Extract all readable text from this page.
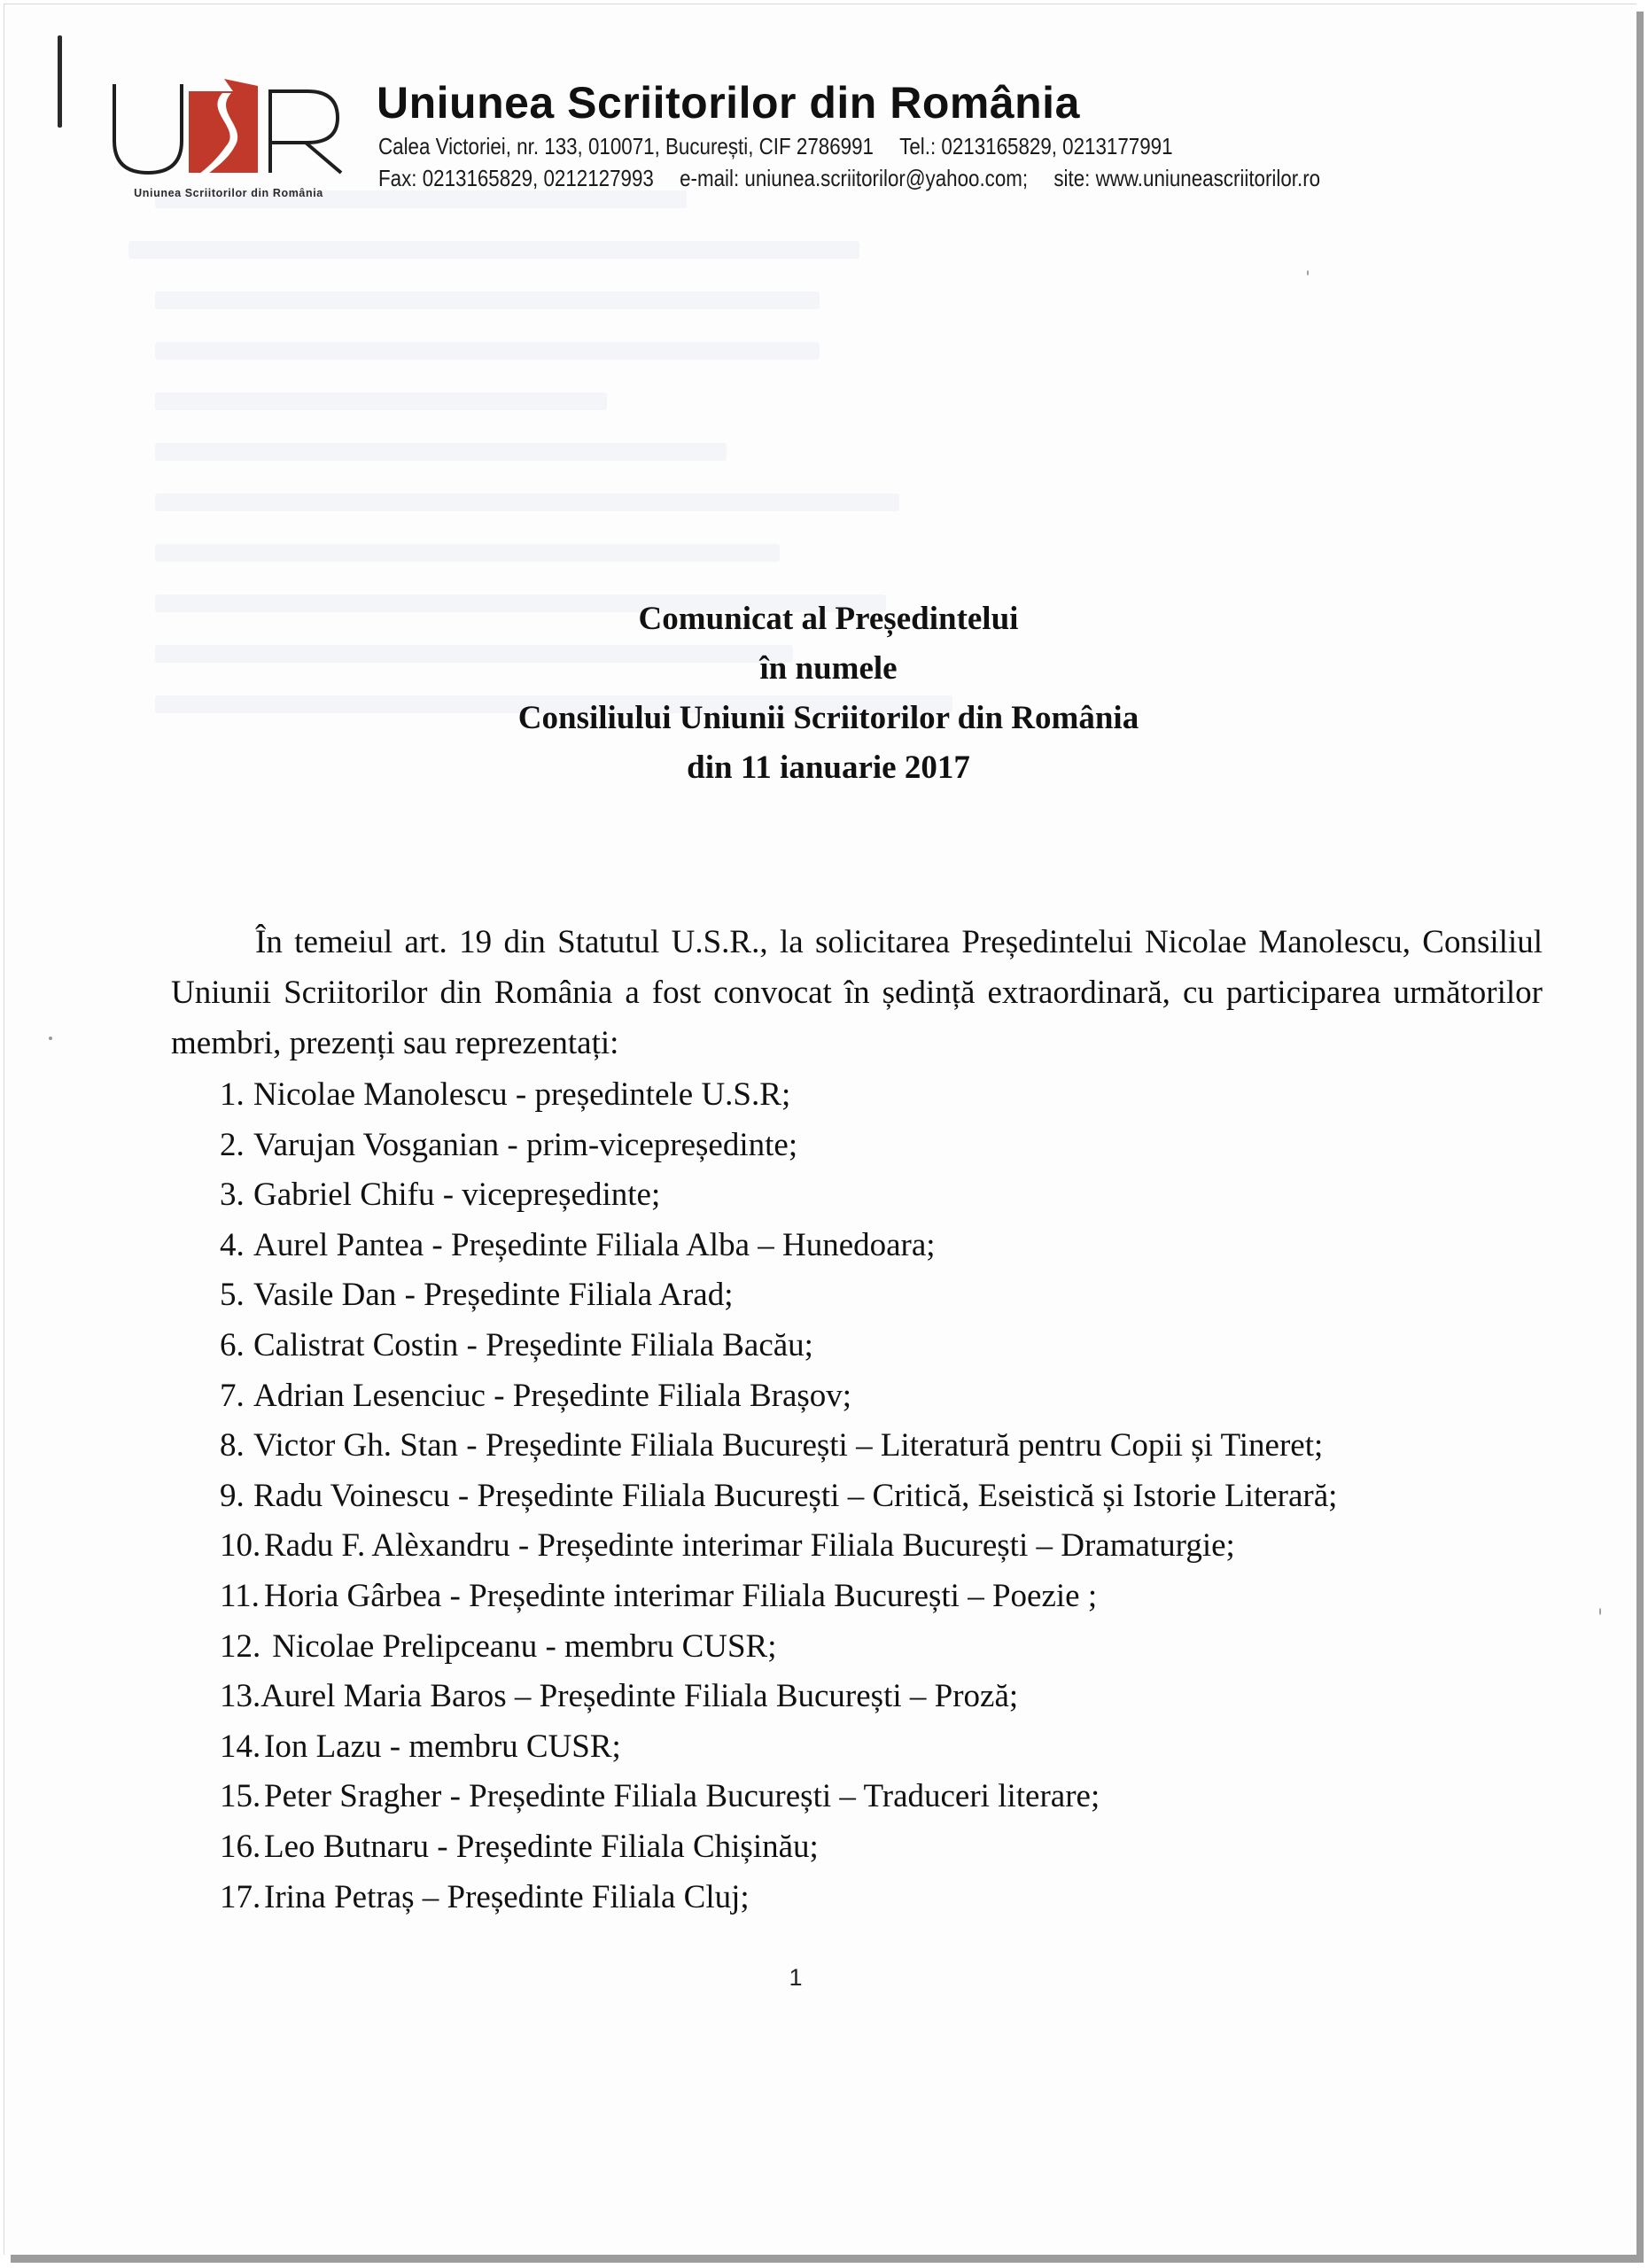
Uniunea Scriitorilor din România
Uniunea Scriitorilor din România
Calea Victoriei, nr. 133, 010071, București, CIF 2786991 Tel.: 0213165829, 0213177991
Fax: 0213165829, 0212127993 e-mail: uniunea.scriitorilor@yahoo.com; site: www.uniuneascriitorilor.ro
Comunicat al Președintelui
în numele
Consiliului Uniunii Scriitorilor din România
din 11 ianuarie 2017
În temeiul art. 19 din Statutul U.S.R., la solicitarea Președintelui Nicolae Manolescu, Consiliul Uniunii Scriitorilor din România a fost convocat în ședință extraordinară, cu participarea următorilor membri, prezenți sau reprezentați:
1. Nicolae Manolescu - președintele U.S.R;
2. Varujan Vosganian - prim-vicepreședinte;
3. Gabriel Chifu - vicepreședinte;
4. Aurel Pantea - Președinte Filiala Alba – Hunedoara;
5. Vasile Dan - Președinte Filiala Arad;
6. Calistrat Costin - Președinte Filiala Bacău;
7. Adrian Lesenciuc - Președinte Filiala Brașov;
8. Victor Gh. Stan - Președinte Filiala București – Literatură pentru Copii și Tineret;
9. Radu Voinescu - Președinte Filiala București – Critică, Eseistică și Istorie Literară;
10. Radu F. Alèxandru - Președinte interimar Filiala București – Dramaturgie;
11. Horia Gârbea - Președinte interimar Filiala București – Poezie ;
12. Nicolae Prelipceanu - membru CUSR;
13.Aurel Maria Baros – Președinte Filiala București – Proză;
14. Ion Lazu - membru CUSR;
15. Peter Sragher - Președinte Filiala București – Traduceri literare;
16. Leo Butnaru - Președinte Filiala Chișinău;
17. Irina Petraș – Președinte Filiala Cluj;
1
